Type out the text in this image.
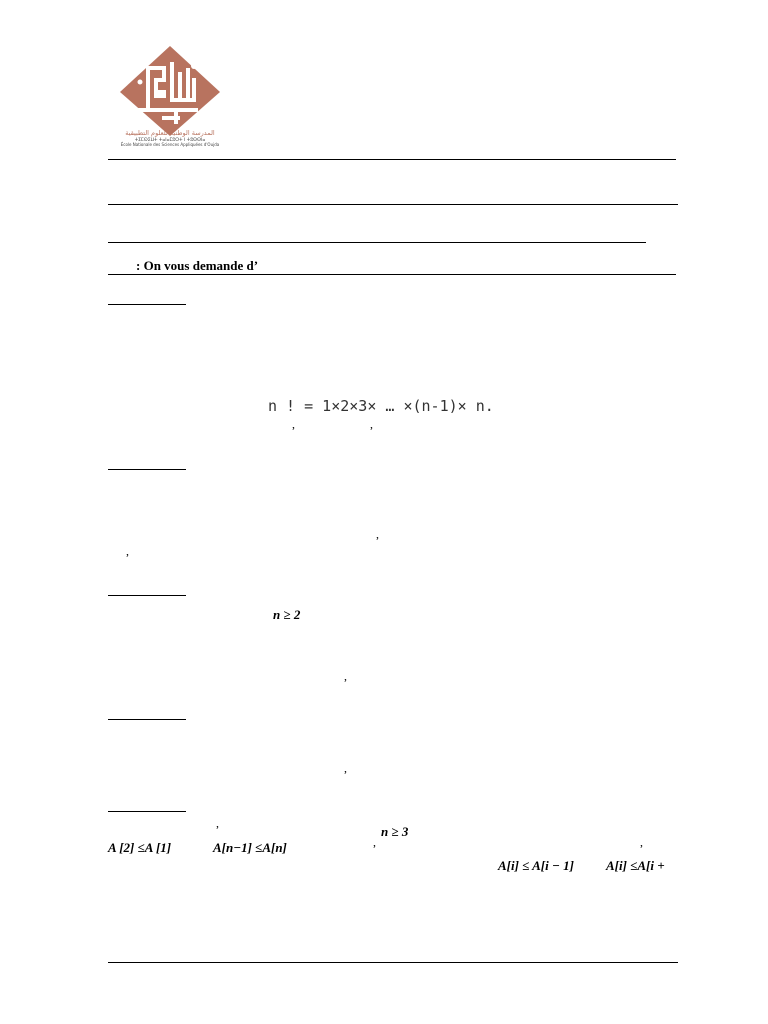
المدرسة الوطنية للعلوم التطبيقية
ⵜⵉⵎⵙⵉⵡⵜ ⵜⴰⵏⴰⵎⵓⵔⵜ ⵏ ⵜⵓⵙⵙⵏⴰ
École Nationale des Sciences Appliquées d'Oujda
: On vous demande d’
n ! = 1×2×3× … ×(n-1)× n.
,	,
,
,
n ≥ 2
,
,
,
n ≥ 3
A [2] ≤A [1]	A[n−1] ≤A[n]	,	,
A[i] ≤ A[i − 1] A[i] ≤A[i +
